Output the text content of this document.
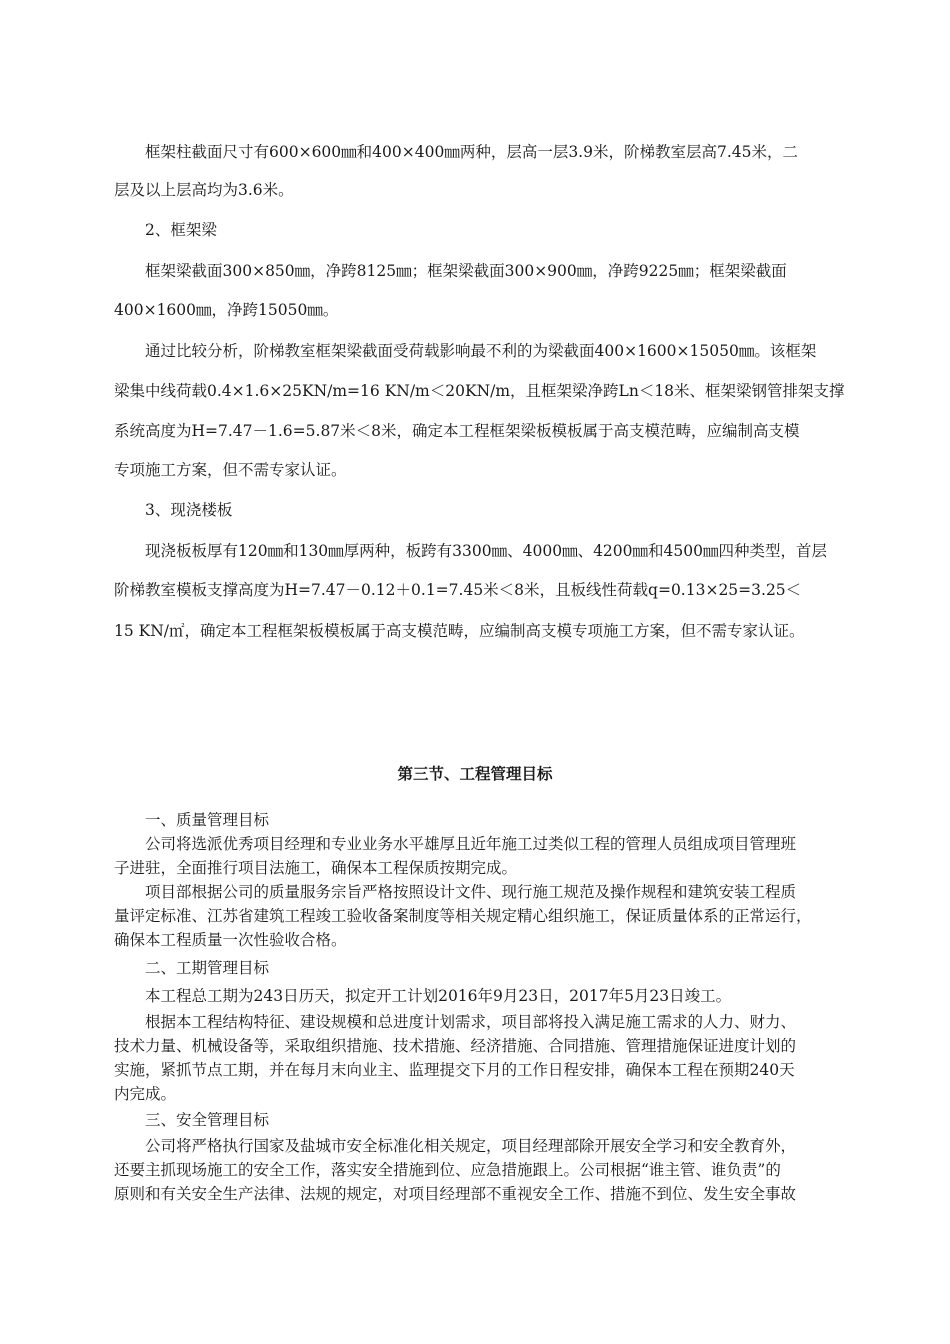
　　框架柱截面尺寸有600×600㎜和400×400㎜两种，层高一层3.9米，阶梯教室层高7.45米，二

层及以上层高均为3.6米。

　　2、框架梁

　　框架梁截面300×850㎜，净跨8125㎜；框架梁截面300×900㎜，净跨9225㎜；框架梁截面

400×1600㎜，净跨15050㎜。

　　通过比较分析，阶梯教室框架梁截面受荷载影响最不利的为梁截面400×1600×15050㎜。该框架

梁集中线荷载0.4×1.6×25KN/m=16 KN/m＜20KN/m，且框架梁净跨Ln＜18米、框架梁钢管排架支撑

系统高度为H=7.47－1.6=5.87米＜8米，确定本工程框架梁板模板属于高支模范畴，应编制高支模

专项施工方案，但不需专家认证。

　　3、现浇楼板

　　现浇板板厚有120㎜和130㎜厚两种，板跨有3300㎜、4000㎜、4200㎜和4500㎜四种类型，首层

阶梯教室模板支撑高度为H=7.47－0.12＋0.1=7.45米＜8米，且板线性荷载q=0.13×25=3.25＜

15 KN/㎡，确定本工程框架板模板属于高支模范畴，应编制高支模专项施工方案，但不需专家认证。

第三节、工程管理目标

　　一、质量管理目标

　　公司将选派优秀项目经理和专业业务水平雄厚且近年施工过类似工程的管理人员组成项目管理班

子进驻，全面推行项目法施工，确保本工程保质按期完成。

　　项目部根据公司的质量服务宗旨严格按照设计文件、现行施工规范及操作规程和建筑安装工程质

量评定标准、江苏省建筑工程竣工验收备案制度等相关规定精心组织施工，保证质量体系的正常运行，

确保本工程质量一次性验收合格。

　　二、工期管理目标

　　本工程总工期为243日历天，拟定开工计划2016年9月23日，2017年5月23日竣工。

　　根据本工程结构特征、建设规模和总进度计划需求，项目部将投入满足施工需求的人力、财力、

技术力量、机械设备等，采取组织措施、技术措施、经济措施、合同措施、管理措施保证进度计划的

实施，紧抓节点工期，并在每月末向业主、监理提交下月的工作日程安排，确保本工程在预期240天

内完成。

　　三、安全管理目标

　　公司将严格执行国家及盐城市安全标准化相关规定，项目经理部除开展安全学习和安全教育外，

还要主抓现场施工的安全工作，落实安全措施到位、应急措施跟上。公司根据“谁主管、谁负责”的

原则和有关安全生产法律、法规的规定，对项目经理部不重视安全工作、措施不到位、发生安全事故
